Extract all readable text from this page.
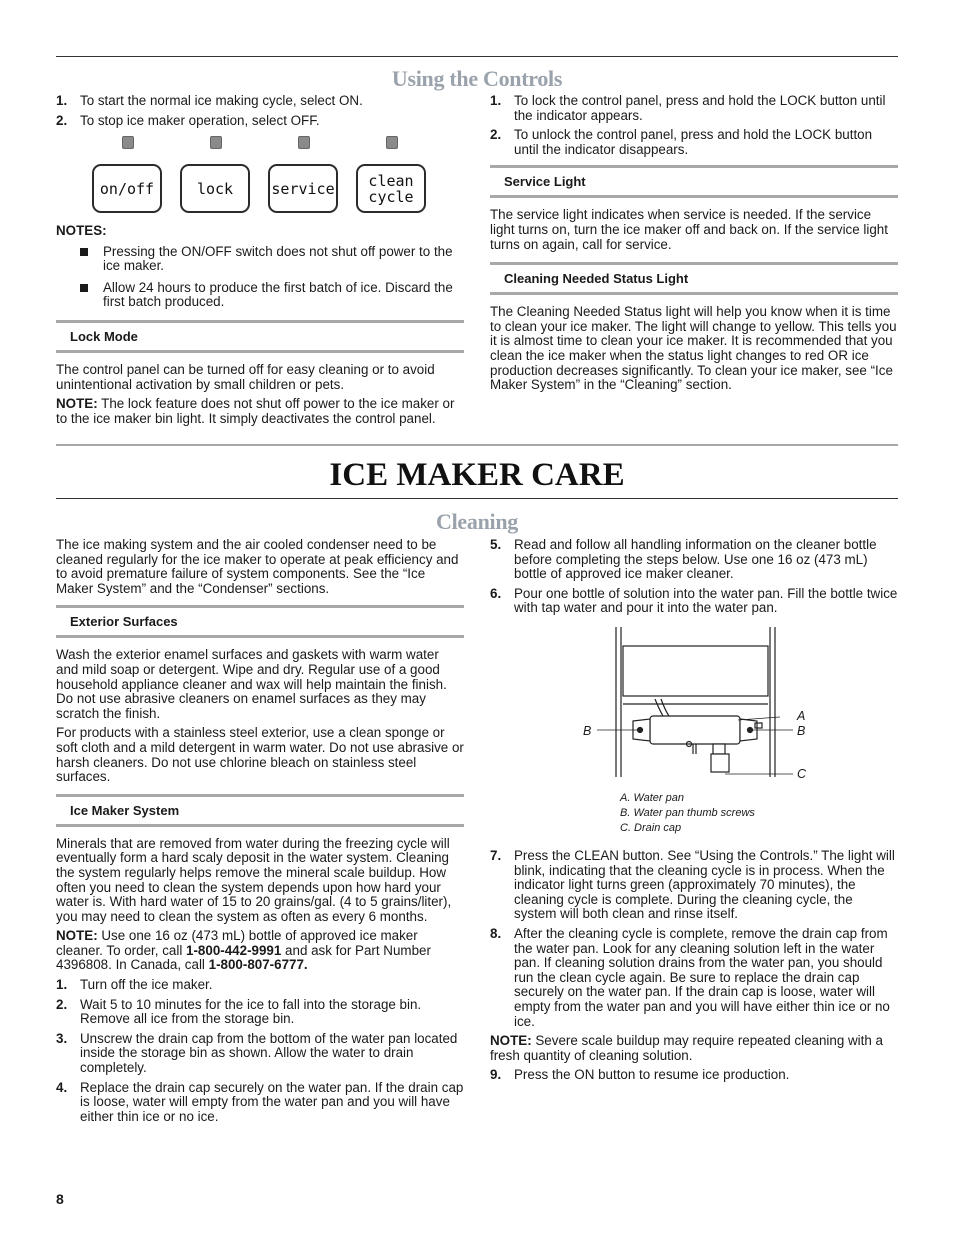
Using the Controls
1. To start the normal ice making cycle, select ON.
2. To stop ice maker operation, select OFF.
on/off	lock	service clean
cycle
NOTES:
Pressing the ON/OFF switch does not shut off power to the ice maker.
Allow 24 hours to produce the first batch of ice. Discard the first batch produced.
Lock Mode

The control panel can be turned off for easy cleaning or to avoid unintentional activation by small children or pets.

NOTE: The lock feature does not shut off power to the ice maker or to the ice maker bin light. It simply deactivates the control panel.

1. To lock the control panel, press and hold the LOCK button until the indicator appears.
2. To unlock the control panel, press and hold the LOCK button until the indicator disappears.
Service Light

The service light indicates when service is needed. If the service light turns on, turn the ice maker off and back on. If the service light turns on again, call for service.

Cleaning Needed Status Light

The Cleaning Needed Status light will help you know when it is time to clean your ice maker. The light will change to yellow. This tells you it is almost time to clean your ice maker. It is recommended that you clean the ice maker when the status light changes to red OR ice production decreases significantly. To clean your ice maker, see “Ice Maker System” in the “Cleaning” section.

ICE MAKER CARE
Cleaning

The ice making system and the air cooled condenser need to be cleaned regularly for the ice maker to operate at peak efficiency and to avoid premature failure of system components. See the “Ice Maker System” and the “Condenser” sections.

Exterior Surfaces

Wash the exterior enamel surfaces and gaskets with warm water and mild soap or detergent. Wipe and dry. Regular use of a good household appliance cleaner and wax will help maintain the finish. Do not use abrasive cleaners on enamel surfaces as they may scratch the finish.

For products with a stainless steel exterior, use a clean sponge or soft cloth and a mild detergent in warm water. Do not use abrasive or harsh cleaners. Do not use chlorine bleach on stainless steel surfaces.

Ice Maker System

Minerals that are removed from water during the freezing cycle will eventually form a hard scaly deposit in the water system. Cleaning the system regularly helps remove the mineral scale buildup. How often you need to clean the system depends upon how hard your water is. With hard water of 15 to 20 grains/gal. (4 to 5 grains/liter), you may need to clean the system as often as every 6 months.

NOTE: Use one 16 oz (473 mL) bottle of approved ice maker cleaner. To order, call 1-800-442-9991 and ask for Part Number 4396808. In Canada, call 1-800-807-6777.

1. Turn off the ice maker.
2. Wait 5 to 10 minutes for the ice to fall into the storage bin. Remove all ice from the storage bin.
3. Unscrew the drain cap from the bottom of the water pan located inside the storage bin as shown. Allow the water to drain completely.
4. Replace the drain cap securely on the water pan. If the drain cap is loose, water will empty from the water pan and you will have either thin ice or no ice.
5. Read and follow all handling information on the cleaner bottle before completing the steps below. Use one 16 oz (473 mL) bottle of approved ice maker cleaner.
6. Pour one bottle of solution into the water pan. Fill the bottle twice with tap water and pour it into the water pan.
A
B	B
C
A. Water pan
B. Water pan thumb screws
C. Drain cap
7. Press the CLEAN button. See “Using the Controls.” The light will blink, indicating that the cleaning cycle is in process. When the indicator light turns green (approximately 70 minutes), the cleaning cycle is complete. During the cleaning cycle, the system will both clean and rinse itself.
8. After the cleaning cycle is complete, remove the drain cap from the water pan. Look for any cleaning solution left in the water pan. If cleaning solution drains from the water pan, you should run the clean cycle again. Be sure to replace the drain cap securely on the water pan. If the drain cap is loose, water will empty from the water pan and you will have either thin ice or no ice.

NOTE: Severe scale buildup may require repeated cleaning with a fresh quantity of cleaning solution.

9. Press the ON button to resume ice production.
8
